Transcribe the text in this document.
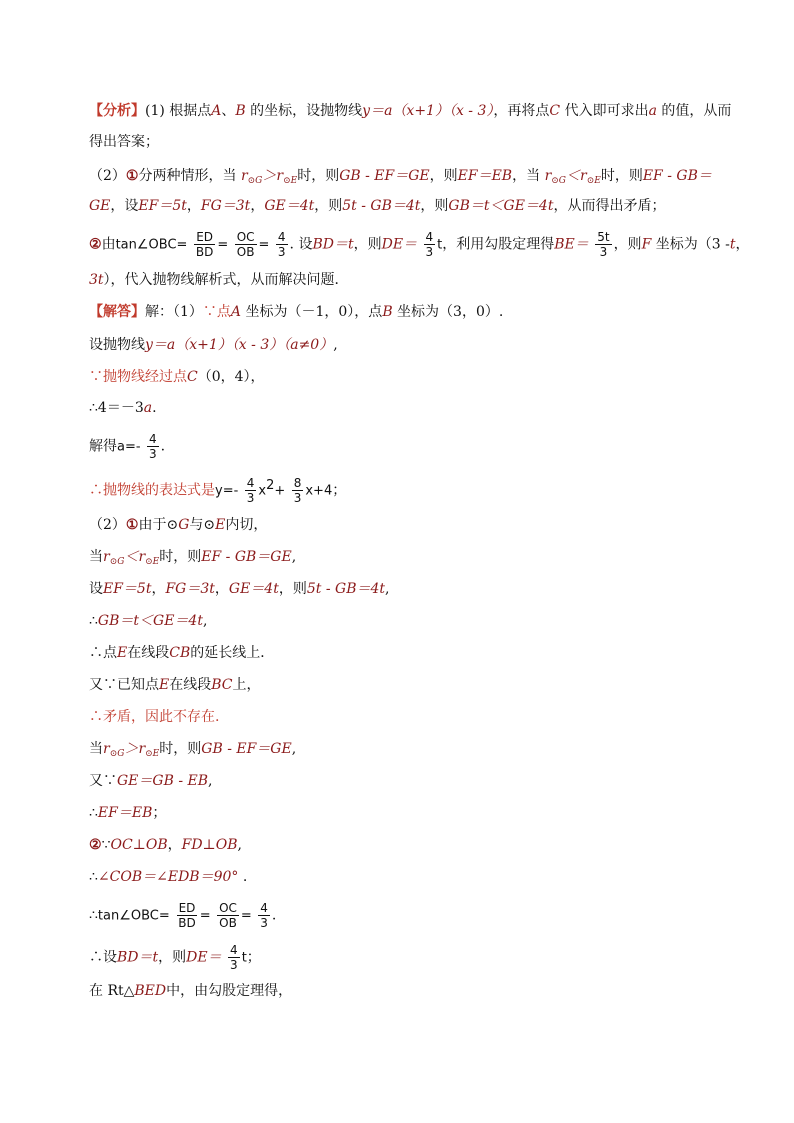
【分析】(1) 根据点A、B 的坐标，设抛物线y＝a（x+1）（x - 3），再将点C 代入即可求出a 的值，从而
得出答案；
（2）①分两种情形，当 $r_{⊙G}>r_{⊙E}$时，则GB - EF＝GE，则EF＝EB，当 $r_{⊙G}<r_{⊙E}$时，则EF - GB＝
GE，设EF＝5t，FG＝3t，GE＝4t，则5t - GB＝4t，则GB＝t＜GE＝4t，从而得出矛盾；
②由tan∠OBC= $\frac{ED}{BD} = \frac{OC}{OB} = \frac{4}{3}$ . 设BD＝t，则$DE= \frac{4}{3}$ t，利用勾股定理得$BE= \frac{5t}{3}$ ，则F 坐标为（3 -t，
3t），代入抛物线解析式，从而解决问题．
【解答】解：（1）∵点A 坐标为（－1，0），点B 坐标为（3，0）.
设抛物线y＝a（x+1）（x - 3）（a≠0）,
∵抛物线经过点C（0，4），
∴4＝－3a.
解得$a=- \frac{4}{3}$ .
∴抛物线的表达式是$y=- \frac{4}{3} x^2+ \frac{8}{3} x+4$；
（2）①由于⊙G与⊙E内切，
当$r_{⊙G}<r_{⊙E}$时，则EF - GB＝GE,
设EF＝5t，FG＝3t，GE＝4t，则5t - GB＝4t,
∴GB＝t＜GE＝4t,
∴点E在线段CB的延长线上．
又∵已知点E在线段BC上，
∴矛盾，因此不存在.
当$r_{⊙G}>r_{⊙E}$时，则GB - EF＝GE,
又∵GE＝GB - EB,
∴EF＝EB；
②∵OC⊥OB，FD⊥OB,
∴∠COB＝∠EDB＝90° .
∴tan∠OBC= $\frac{ED}{BD} = \frac{OC}{OB} = \frac{4}{3}$ .
∴设BD＝t，则$DE= \frac{4}{3}$ t；
在 Rt△BED中，由勾股定理得，
